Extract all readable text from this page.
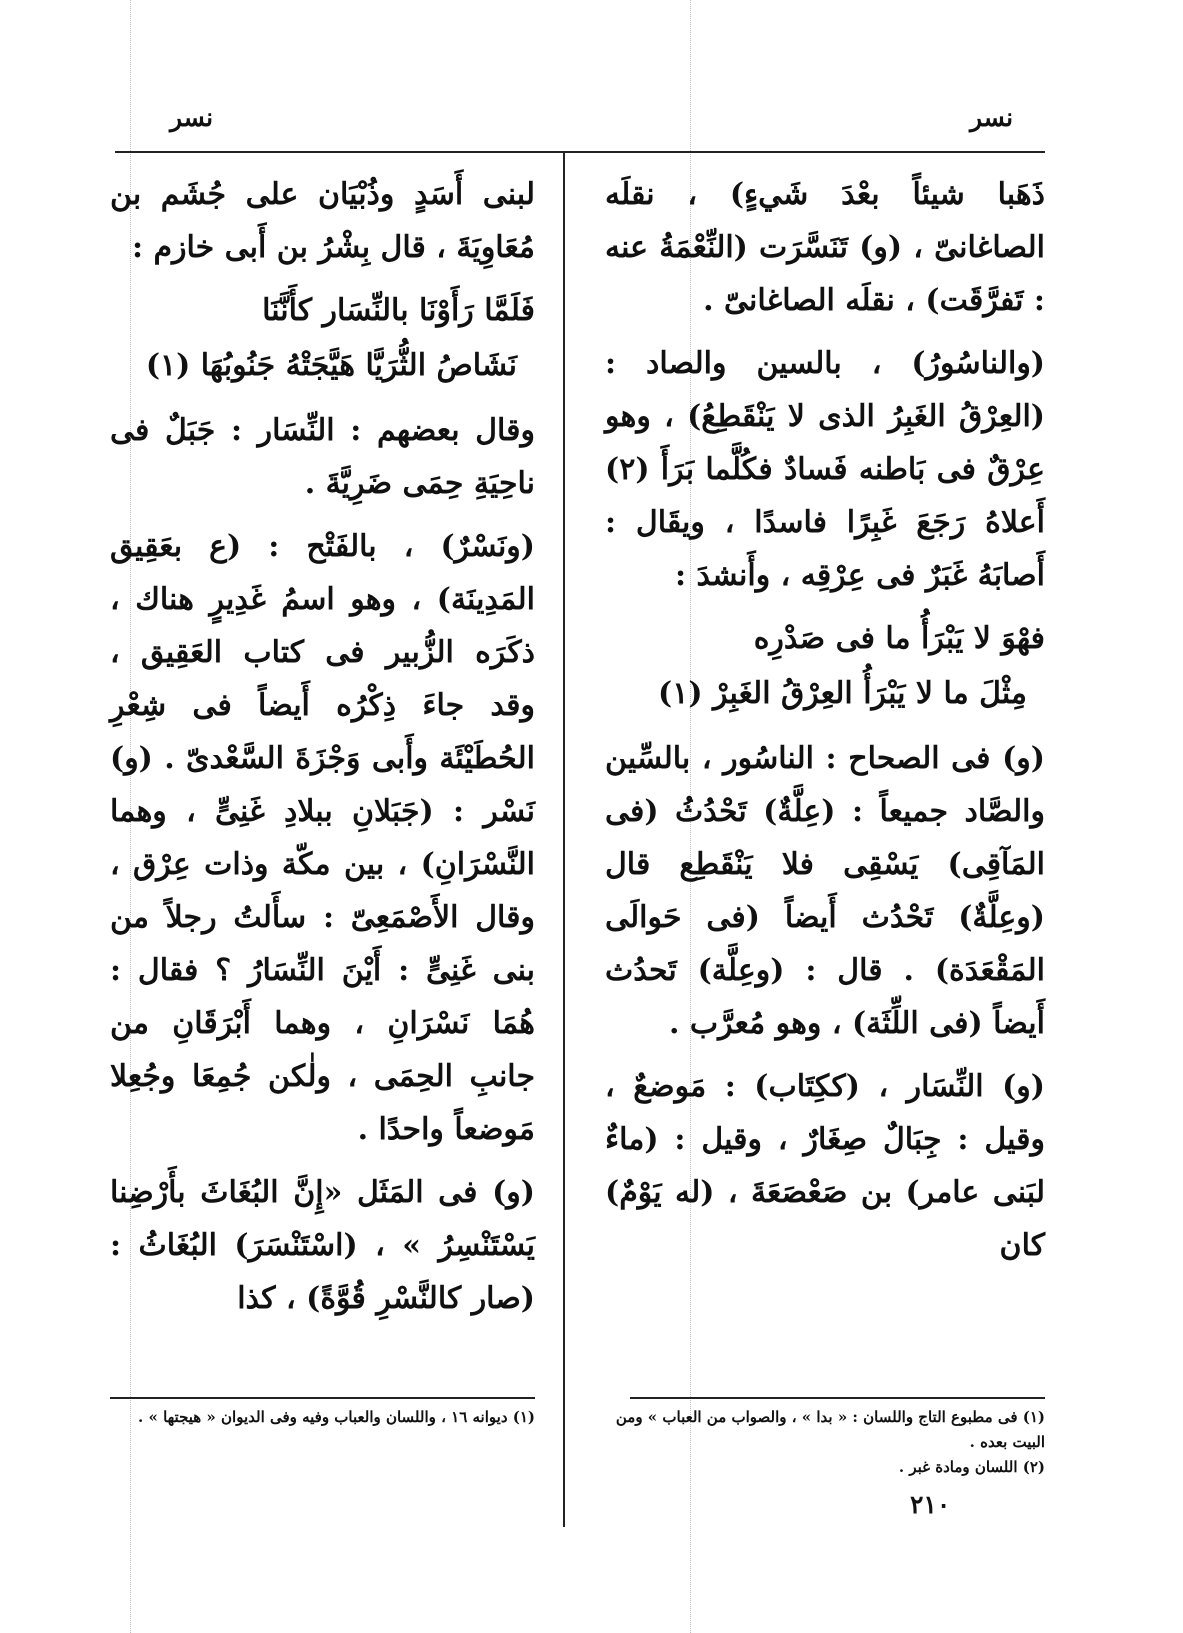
نسر
نسر

ذَهَبا شيئاً بعْدَ شَيءٍ) ، نقلَه الصاغانىّ ، (و) تَنَسَّرَت (النِّعْمَةُ عنه : تَفرَّقَت) ، نقلَه الصاغانىّ .

(والناسُورُ) ، بالسين والصاد : (العِرْقُ الغَبِرُ الذى لا يَنْقَطِعُ) ، وهو عِرْقٌ فى بَاطنه فَسادٌ فكُلَّما بَرَأَ (٢) أَعلاهُ رَجَعَ غَبِرًا فاسدًا ، ويقَال : أَصابَهُ غَبَرٌ فى عِرْقِه ، وأَنشدَ :

فهْوَ لا يَبْرَأُ ما فى صَدْرِه
مِثْلَ ما لا يَبْرَأُ العِرْقُ الغَبِرْ (١)

(و) فى الصحاح : الناسُور ، بالسِّين والصَّاد جميعاً : (عِلَّةٌ) تَحْدُثُ (فى المَآقِى) يَسْقِى فلا يَنْقَطِع قال (وعِلَّةٌ) تَحْدُث أَيضاً (فى حَوالَى المَقْعَدَة) . قال : (وعِلَّة) تَحدُث أَيضاً (فى اللِّثَة) ، وهو مُعرَّب .

(و) النِّسَار ، (ككِتَاب) : مَوضعٌ ، وقيل : جِبَالٌ صِغَارٌ ، وقيل : (ماءٌ لبَنى عامر) بن صَعْصَعَةَ ، (له يَوْمٌ) كان

لبنى أَسَدٍ وذُبْيَان على جُشَم بن مُعَاوِيَةَ ، قال بِشْرُ بن أَبى خازم :

فَلَمَّا رَأَوْنَا بالنِّسَار كأَنَّنَا
نَشَاصُ الثُّرَيَّا هَيَّجَتْهُ جَنُوبُهَا (١)

وقال بعضهم : النِّسَار : جَبَلٌ فى ناحِيَةِ حِمَى ضَرِيَّةَ .

(ونَسْرٌ) ، بالفَتْح : (ع بعَقِيق المَدِينَة) ، وهو اسمُ غَدِيرٍ هناك ، ذكَرَه الزُّبير فى كتاب العَقِيق ، وقد جاءَ ذِكْرُه أَيضاً فى شِعْرِ الحُطَيْئَة وأَبى وَجْزَةَ السَّعْدىّ . (و) نَسْر : (جَبَلانِ ببلادِ غَنِىٍّ ، وهما النَّسْرَانِ) ، بين مكّة وذات عِرْق ، وقال الأَصْمَعِىّ : سأَلتُ رجلاً من بنى غَنِىٍّ : أَيْنَ النِّسَارُ ؟ فقال : هُمَا نَسْرَانِ ، وهما أَبْرَقَانِ من جانبِ الحِمَى ، ولٰكن جُمِعَا وجُعِلا مَوضعاً واحدًا .

(و) فى المَثَل «إِنَّ البُغَاثَ بأَرْضِنا يَسْتَنْسِرُ » ، (اسْتَنْسَرَ) البُغَاثُ : (صار كالنَّسْرِ قُوَّةً) ، كذا

(١) فى مطبوع التاج واللسان : « بدا » ، والصواب من العباب » ومن البيت بعده .
(٢) اللسان ومادة غبر .
(١) ديوانه ١٦ ، واللسان والعباب وفيه وفى الديوان « هيجتها » .
٢١٠
